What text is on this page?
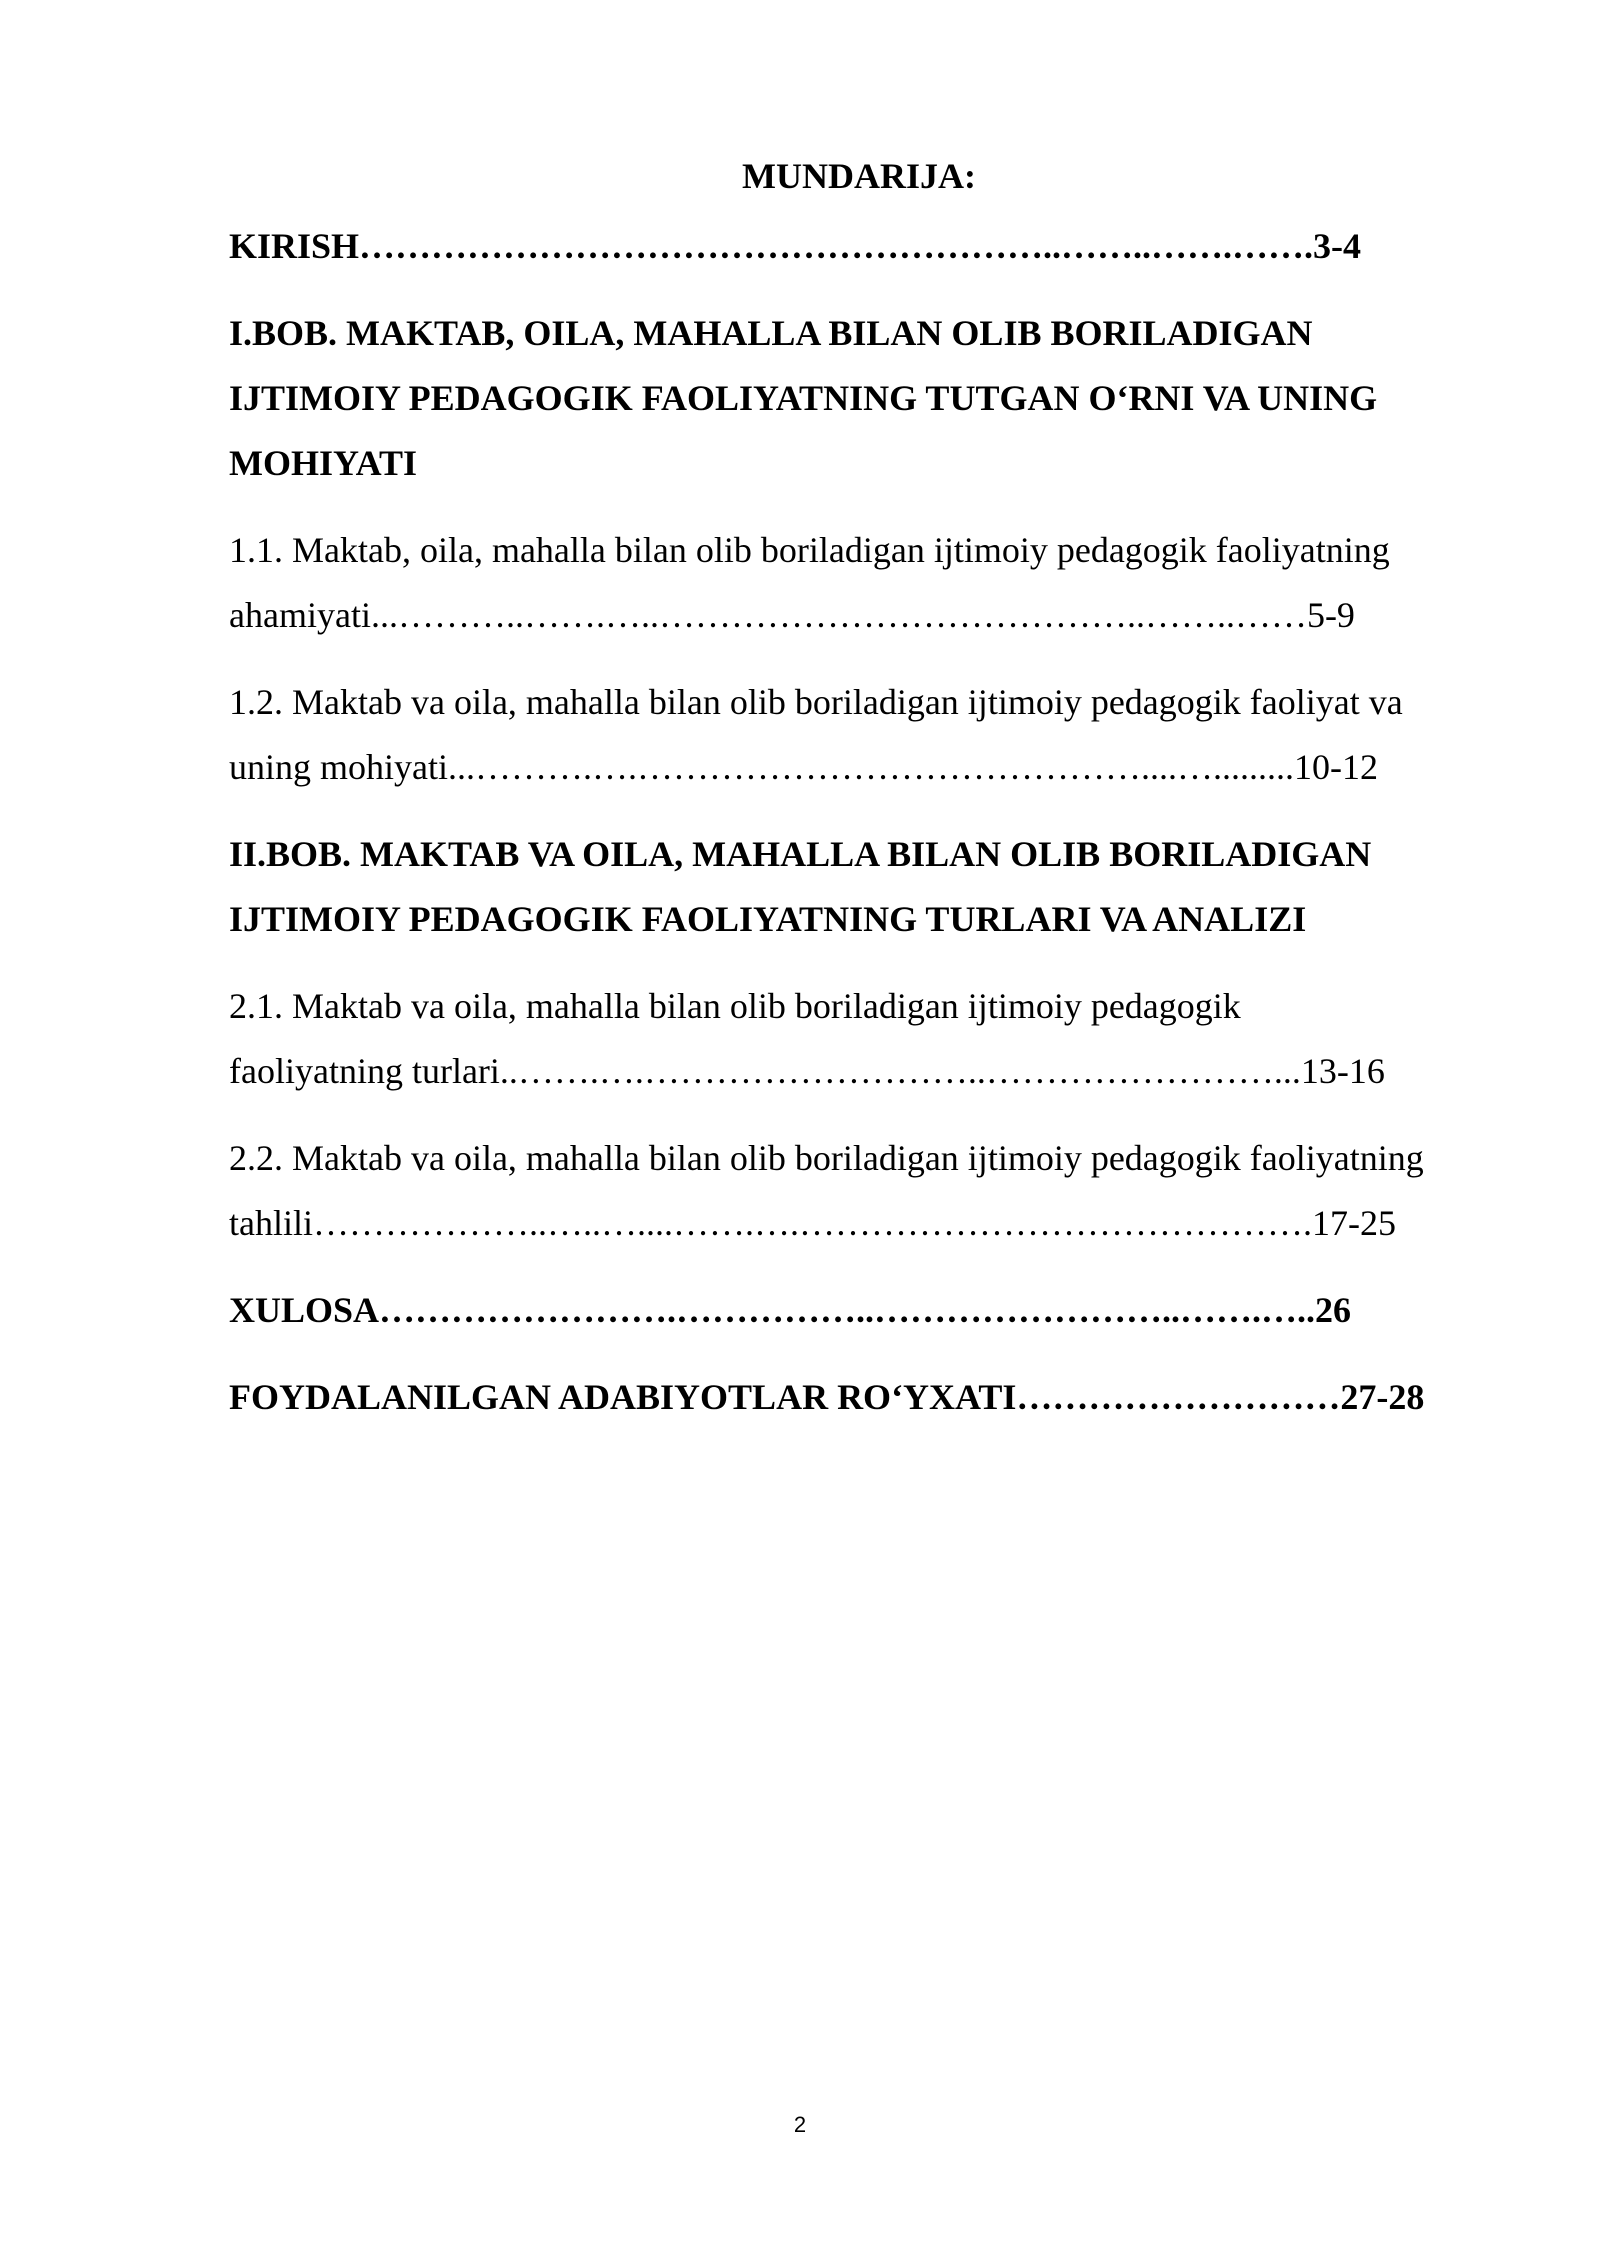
MUNDARIJA:
KIRISH…………………………………………………..……..…….…….3-4
I.BOB. MAKTAB, OILA, MAHALLA BILAN OLIB BORILADIGAN
IJTIMOIY PEDAGOGIK FAOLIYATNING TUTGAN O‘RNI VA UNING
MOHIYATI
1.1. Maktab, oila, mahalla bilan olib boriladigan ijtimoiy pedagogik faoliyatning
ahamiyati...………..…….…..…………………………………..……..……5-9
1.2. Maktab va oila, mahalla bilan olib boriladigan ijtimoiy pedagogik faoliyat va
uning mohiyati...……….….……………………………………....….........10-12
II.BOB. MAKTAB VA OILA, MAHALLA BILAN OLIB BORILADIGAN
IJTIMOIY PEDAGOGIK FAOLIYATNING TURLARI VA ANALIZI
2.1. Maktab va oila, mahalla bilan olib boriladigan ijtimoiy pedagogik
faoliyatning turlari..…….….………………………..……………………...13-16
2.2. Maktab va oila, mahalla bilan olib boriladigan ijtimoiy pedagogik faoliyatning
tahlili………………..…..…....…….….…………………………………….17-25
XULOSA…………………….……………..……………………..…….…..26
FOYDALANILGAN ADABIYOTLAR RO‘YXATI………………………27-28
2
